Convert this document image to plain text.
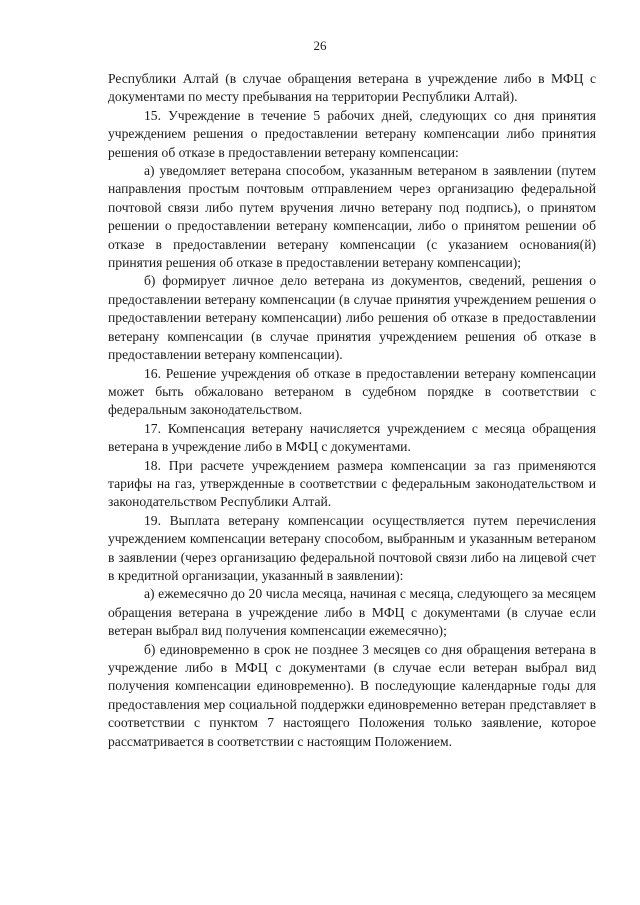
26

Республики Алтай (в случае обращения ветерана в учреждение либо в МФЦ с документами по месту пребывания на территории Республики Алтай).

15. Учреждение в течение 5 рабочих дней, следующих со дня принятия учреждением решения о предоставлении ветерану компенсации либо принятия решения об отказе в предоставлении ветерану компенсации:

а) уведомляет ветерана способом, указанным ветераном в заявлении (путем направления простым почтовым отправлением через организацию федеральной почтовой связи либо путем вручения лично ветерану под подпись), о принятом решении о предоставлении ветерану компенсации, либо о принятом решении об отказе в предоставлении ветерану компенсации (с указанием основания(й) принятия решения об отказе в предоставлении ветерану компенсации);

б) формирует личное дело ветерана из документов, сведений, решения о предоставлении ветерану компенсации (в случае принятия учреждением решения о предоставлении ветерану компенсации) либо решения об отказе в предоставлении ветерану компенсации (в случае принятия учреждением решения об отказе в предоставлении ветерану компенсации).

16. Решение учреждения об отказе в предоставлении ветерану компенсации может быть обжаловано ветераном в судебном порядке в соответствии с федеральным законодательством.

17. Компенсация ветерану начисляется учреждением с месяца обращения ветерана в учреждение либо в МФЦ с документами.

18. При расчете учреждением размера компенсации за газ применяются тарифы на газ, утвержденные в соответствии с федеральным законодательством и законодательством Республики Алтай.

19. Выплата ветерану компенсации осуществляется путем перечисления учреждением компенсации ветерану способом, выбранным и указанным ветераном в заявлении (через организацию федеральной почтовой связи либо на лицевой счет в кредитной организации, указанный в заявлении):

а) ежемесячно до 20 числа месяца, начиная с месяца, следующего за месяцем обращения ветерана в учреждение либо в МФЦ с документами (в случае если ветеран выбрал вид получения компенсации ежемесячно);

б) единовременно в срок не позднее 3 месяцев со дня обращения ветерана в учреждение либо в МФЦ с документами (в случае если ветеран выбрал вид получения компенсации единовременно). В последующие календарные годы для предоставления мер социальной поддержки единовременно ветеран представляет в соответствии с пунктом 7 настоящего Положения только заявление, которое рассматривается в соответствии с настоящим Положением.
